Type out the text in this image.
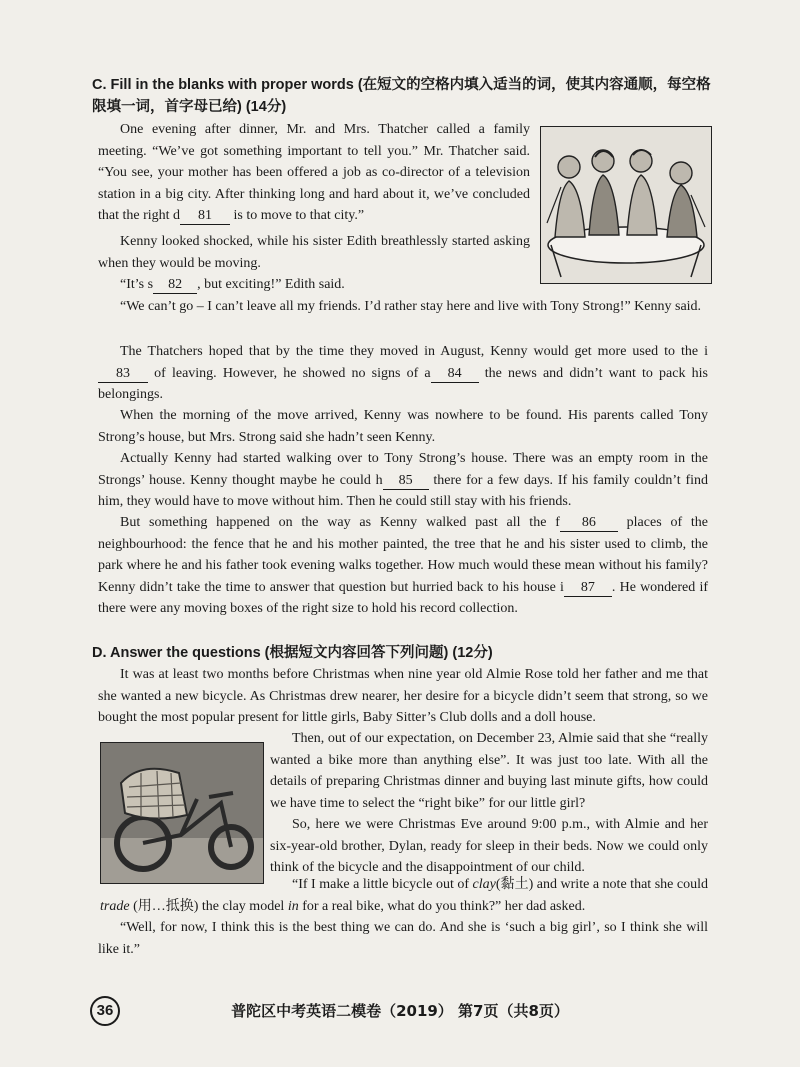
C. Fill in the blanks with proper words (在短文的空格内填入适当的词，使其内容通顺，每空格限填一词，首字母已给) (14分)
One evening after dinner, Mr. and Mrs. Thatcher called a family meeting. “We’ve got something important to tell you.” Mr. Thatcher said. “You see, your mother has been offered a job as co-director of a television station in a big city. After thinking long and hard about it, we’ve concluded that the right d 81 is to move to that city.”
Kenny looked shocked, while his sister Edith breathlessly started asking when they would be moving.
“It’s s 82 , but exciting!” Edith said.
“We can’t go – I can’t leave all my friends. I’d rather stay here and live with Tony Strong!” Kenny said.
The Thatchers hoped that by the time they moved in August, Kenny would get more used to the i83 of leaving. However, he showed no signs of a 84 the news and didn’t want to pack his belongings.
When the morning of the move arrived, Kenny was nowhere to be found. His parents called Tony Strong’s house, but Mrs. Strong said she hadn’t seen Kenny.
Actually Kenny had started walking over to Tony Strong’s house. There was an empty room in the Strongs’ house. Kenny thought maybe he could h 85 there for a few days. If his family couldn’t find him, they would have to move without him. Then he could still stay with his friends.
But something happened on the way as Kenny walked past all the f 86 places of the neighbourhood: the fence that he and his mother painted, the tree that he and his sister used to climb, the park where he and his father took evening walks together. How much would these mean without his family? Kenny didn’t take the time to answer that question but hurried back to his house i 87 . He wondered if there were any moving boxes of the right size to hold his record collection.
D. Answer the questions (根据短文内容回答下列问题) (12分)
It was at least two months before Christmas when nine year old Almie Rose told her father and me that she wanted a new bicycle. As Christmas drew nearer, her desire for a bicycle didn’t seem that strong, so we bought the most popular present for little girls, Baby Sitter’s Club dolls and a doll house.
Then, out of our expectation, on December 23, Almie said that she “really wanted a bike more than anything else”. It was just too late. With all the details of preparing Christmas dinner and buying last minute gifts, how could we have time to select the “right bike” for our little girl?
So, here we were Christmas Eve around 9:00 p.m., with Almie and her six-year-old brother, Dylan, ready for sleep in their beds. Now we could only think of the bicycle and the disappointment of our child.
“If I make a little bicycle out of clay(黏土) and write a note that she could trade (用…抵换) the clay model in for a real bike, what do you think?” her dad asked.
“Well, for now, I think this is the best thing we can do. And she is ‘such a big girl’, so I think she will like it.”
36	普陀区中考英语二模卷（2019） 第7页（共8页）
